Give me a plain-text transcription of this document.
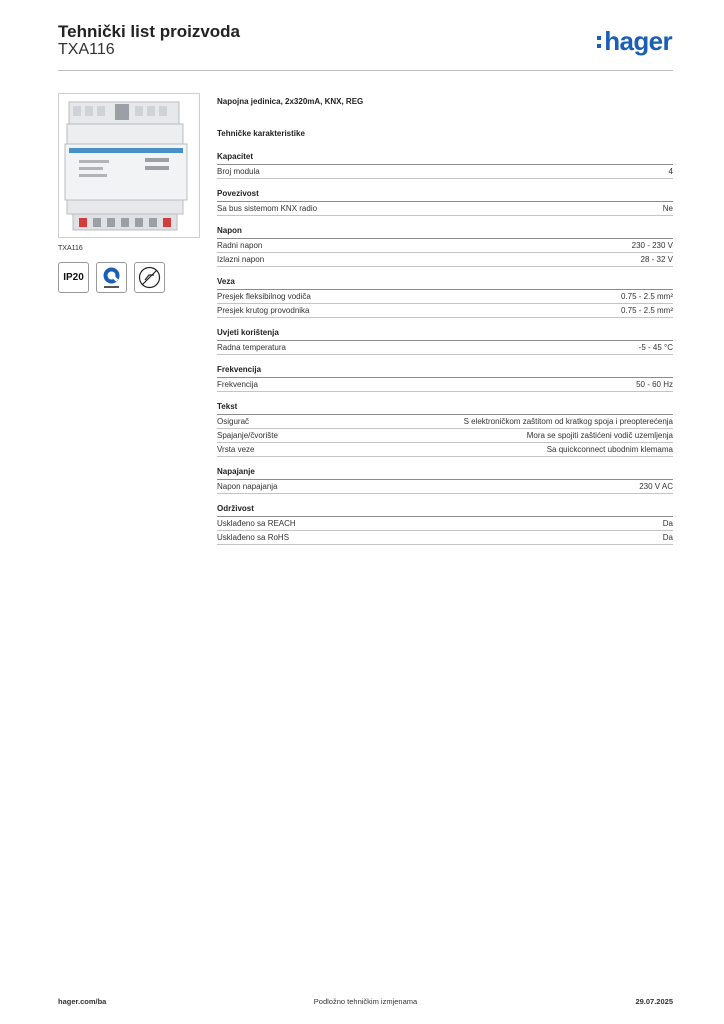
Tehnički list proizvoda
TXA116	hager
TXA116
IP20
Napojna jedinica, 2x320mA, KNX, REG
Tehničke karakteristike
Kapacitet
Broj modula	4
Povezivost
Sa bus sistemom KNX radio	Ne
Napon
Radni napon	230 - 230 V
Izlazni napon	28 - 32 V
Veza
Presjek fleksibilnog vodiča	0.75 - 2.5 mm²
Presjek krutog provodnika	0.75 - 2.5 mm²
Uvjeti korištenja
Radna temperatura	-5 - 45 °C
Frekvencija
Frekvencija	50 - 60 Hz
Tekst
Osigurač	S elektroničkom zaštitom od kratkog spoja i preopterećenja
Spajanje/čvorište	Mora se spojiti zaštićeni vodič uzemljenja
Vrsta veze	Sa quickconnect ubodnim klemama
Napajanje
Napon napajanja	230 V AC
Održivost
Usklađeno sa REACH	Da
Usklađeno sa RoHS	Da
hager.com/ba	Podložno tehničkim izmjenama	29.07.2025
